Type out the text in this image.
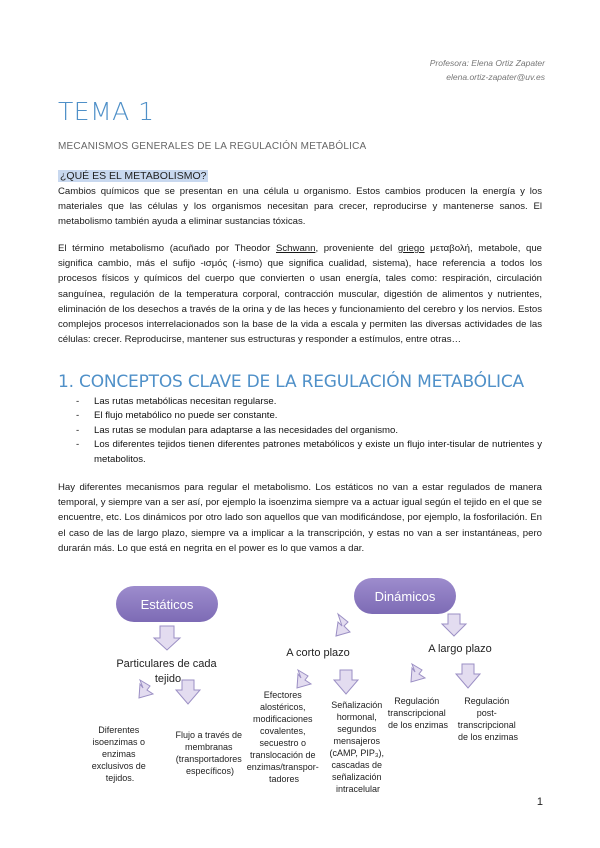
Profesora: Elena Ortiz Zapater
elena.ortiz-zapater@uv.es
TEMA 1
MECANISMOS GENERALES DE LA REGULACIÓN METABÓLICA
¿QUÉ ES EL METABOLISMO?
Cambios químicos que se presentan en una célula u organismo. Estos cambios producen la energía y los materiales que las células y los organismos necesitan para crecer, reproducirse y mantenerse sanos. El metabolismo también ayuda a eliminar sustancias tóxicas.
El término metabolismo (acuñado por Theodor Schwann, proveniente del griego μεταβολή, metabole, que significa cambio, más el sufijo -ισμός (-ismo) que significa cualidad, sistema), hace referencia a todos los procesos físicos y químicos del cuerpo que convierten o usan energía, tales como: respiración, circulación sanguínea, regulación de la temperatura corporal, contracción muscular, digestión de alimentos y nutrientes, eliminación de los desechos a través de la orina y de las heces y funcionamiento del cerebro y los nervios. Estos complejos procesos interrelacionados son la base de la vida a escala y permiten las diversas actividades de las células: crecer. Reproducirse, mantener sus estructuras y responder a estímulos, entre otras…
1. CONCEPTOS CLAVE DE LA REGULACIÓN METABÓLICA
- Las rutas metabólicas necesitan regularse.
- El flujo metabólico no puede ser constante.
- Las rutas se modulan para adaptarse a las necesidades del organismo.
- Los diferentes tejidos tienen diferentes patrones metabólicos y existe un flujo inter-tisular de nutrientes y metabolitos.
Hay diferentes mecanismos para regular el metabolismo. Los estáticos no van a estar regulados de manera temporal, y siempre van a ser así, por ejemplo la isoenzima siempre va a actuar igual según el tejido en el que se encuentre, etc. Los dinámicos por otro lado son aquellos que van modificándose, por ejemplo, la fosforilación. En el caso de las de largo plazo, siempre va a implicar a la transcripción, y estas no van a ser instantáneas, pero durarán más. Lo que está en negrita en el power es lo que vamos a dar.
Estáticos
Dinámicos
Particulares de cada tejido
A corto plazo	A largo plazo
Diferentes isoenzimas o enzimas exclusivos de tejidos.
Flujo a través de membranas (transportadores específicos)
Efectores alostéricos, modificaciones covalentes, secuestro o translocación de enzimas/transpor- tadores
Señalización hormonal, segundos mensajeros (cAMP, PIP₃), cascadas de señalización intracelular
Regulación transcripcional de los enzimas
Regulación post- transcripcional de los enzimas
1
